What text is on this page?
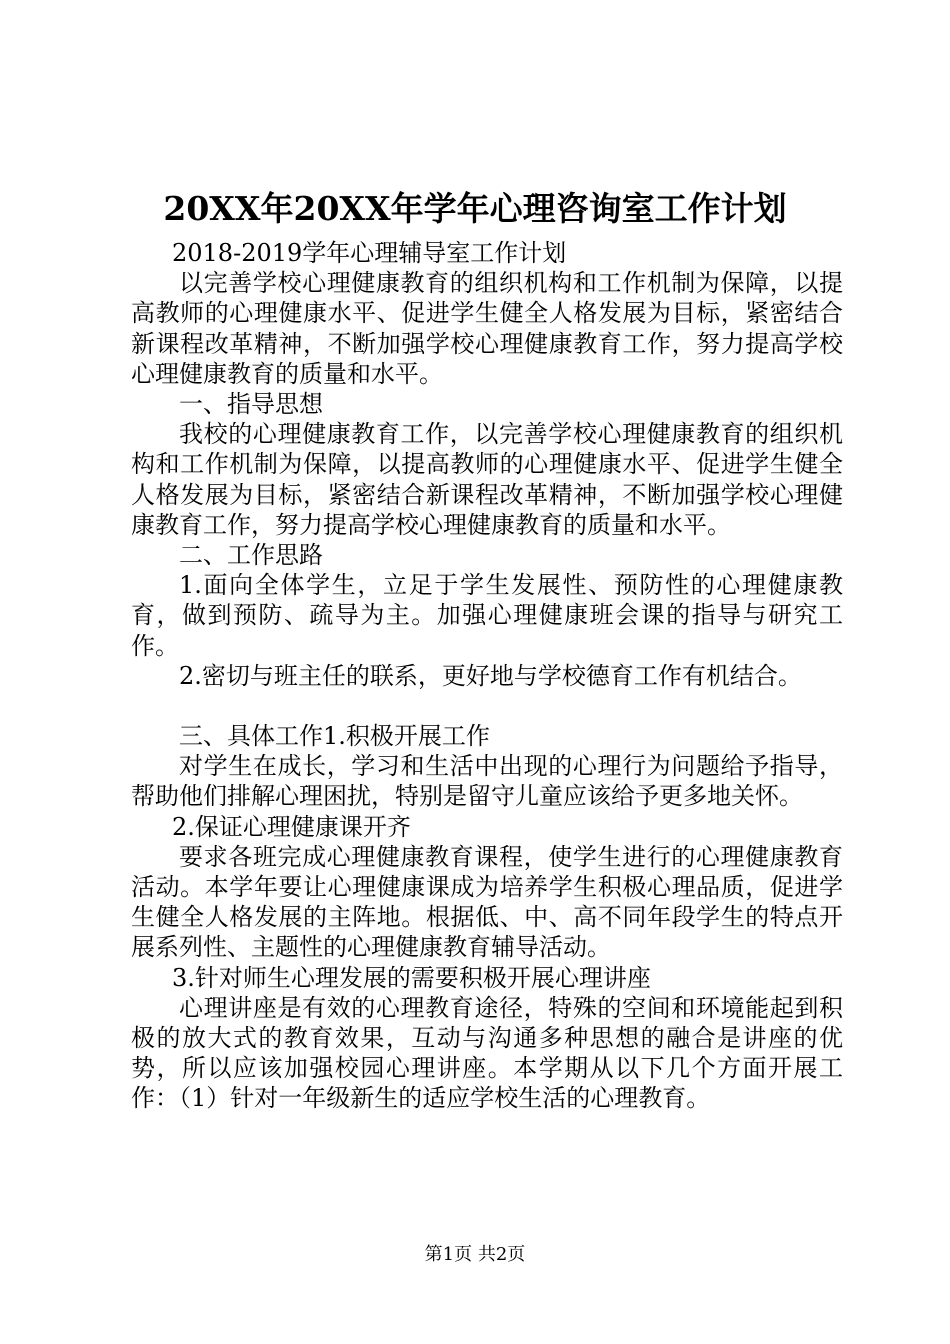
20XX年20XX年学年心理咨询室工作计划

2018-2019学年心理辅导室工作计划

以完善学校心理健康教育的组织机构和工作机制为保障，以提高教师的心理健康水平、促进学生健全人格发展为目标，紧密结合新课程改革精神，不断加强学校心理健康教育工作，努力提高学校心理健康教育的质量和水平。

一、指导思想

我校的心理健康教育工作，以完善学校心理健康教育的组织机构和工作机制为保障，以提高教师的心理健康水平、促进学生健全人格发展为目标，紧密结合新课程改革精神，不断加强学校心理健康教育工作，努力提高学校心理健康教育的质量和水平。

二、工作思路

1.面向全体学生，立足于学生发展性、预防性的心理健康教育，做到预防、疏导为主。加强心理健康班会课的指导与研究工作。

2.密切与班主任的联系，更好地与学校德育工作有机结合。

三、具体工作1.积极开展工作

对学生在成长，学习和生活中出现的心理行为问题给予指导，帮助他们排解心理困扰，特别是留守儿童应该给予更多地关怀。

2.保证心理健康课开齐

要求各班完成心理健康教育课程，使学生进行的心理健康教育活动。本学年要让心理健康课成为培养学生积极心理品质，促进学生健全人格发展的主阵地。根据低、中、高不同年段学生的特点开展系列性、主题性的心理健康教育辅导活动。

3.针对师生心理发展的需要积极开展心理讲座

心理讲座是有效的心理教育途径，特殊的空间和环境能起到积极的放大式的教育效果，互动与沟通多种思想的融合是讲座的优势，所以应该加强校园心理讲座。本学期从以下几个方面开展工作：（1）针对一年级新生的适应学校生活的心理教育。

第1页 共2页
